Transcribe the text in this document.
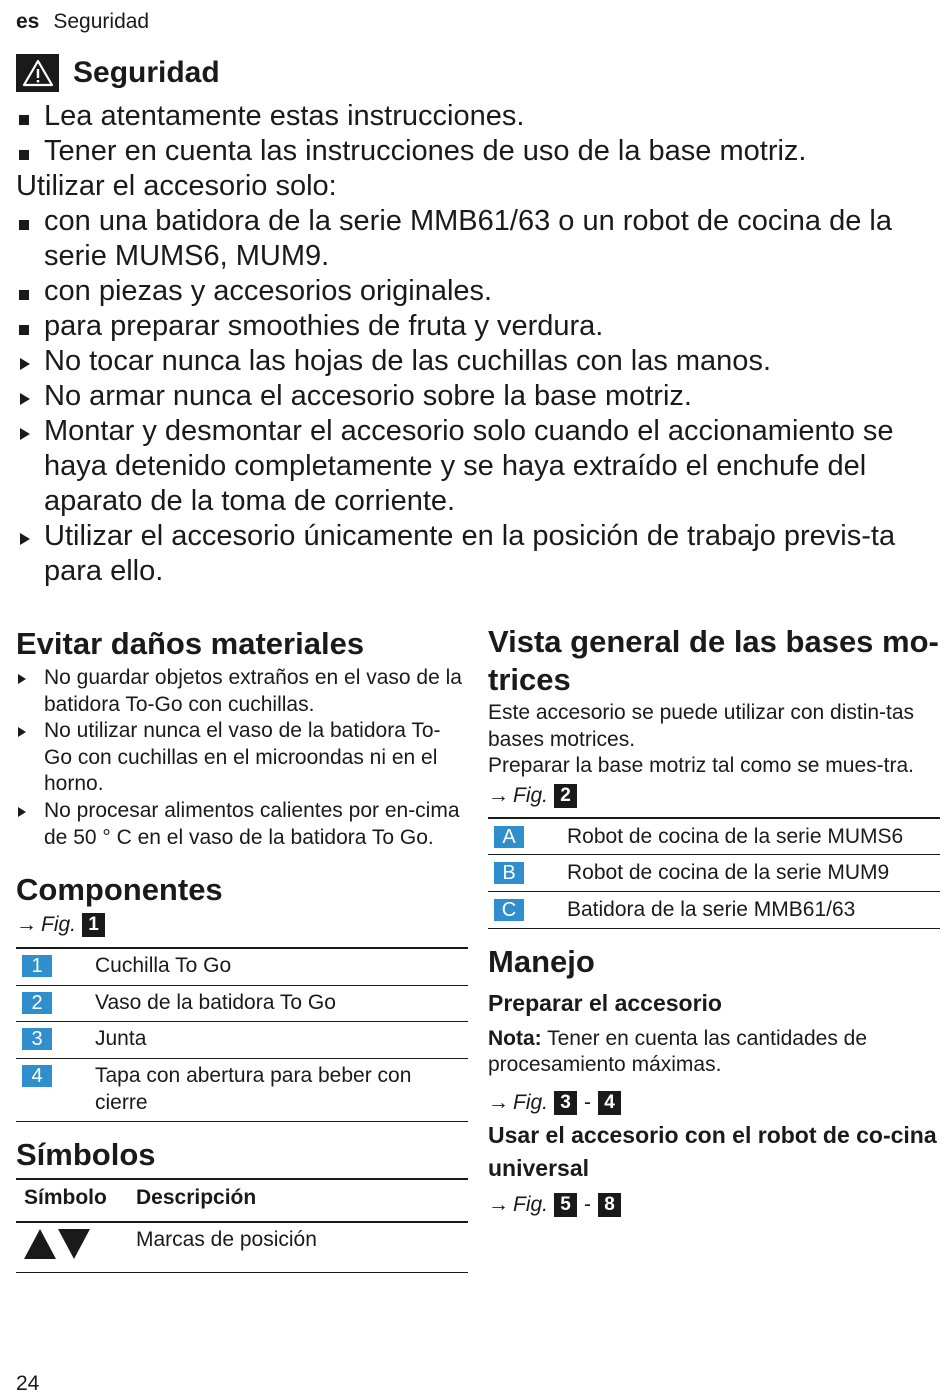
es Seguridad
Seguridad
Lea atentamente estas instrucciones.
Tener en cuenta las instrucciones de uso de la base motriz.
Utilizar el accesorio solo:
con una batidora de la serie MMB61/63 o un robot de cocina de la serie MUMS6, MUM9.
con piezas y accesorios originales.
para preparar smoothies de fruta y verdura.
No tocar nunca las hojas de las cuchillas con las manos.
No armar nunca el accesorio sobre la base motriz.
Montar y desmontar el accesorio solo cuando el accionamiento se haya detenido completamente y se haya extraído el enchufe del aparato de la toma de corriente.
Utilizar el accesorio únicamente en la posición de trabajo previs-ta para ello.
Evitar daños materiales
No guardar objetos extraños en el vaso de la batidora To-Go con cuchillas.
No utilizar nunca el vaso de la batidora To-Go con cuchillas en el microondas ni en el horno.
No procesar alimentos calientes por en-cima de 50 ° C en el vaso de la batidora To Go.
Componentes
→ Fig. 1
1	Cuchilla To Go
2	Vaso de la batidora To Go
3	Junta
4	Tapa con abertura para beber con cierre
Símbolos
Símbolo	Descripción
	Marcas de posición
Vista general de las bases mo-trices
Este accesorio se puede utilizar con distin-tas bases motrices.
Preparar la base motriz tal como se mues-tra.
→ Fig. 2
A	Robot de cocina de la serie MUMS6
B	Robot de cocina de la serie MUM9
C	Batidora de la serie MMB61/63
Manejo
Preparar el accesorio
Nota: Tener en cuenta las cantidades de procesamiento máximas.
→ Fig. 3 - 4
Usar el accesorio con el robot de co-cina universal
→ Fig. 5 - 8
24
